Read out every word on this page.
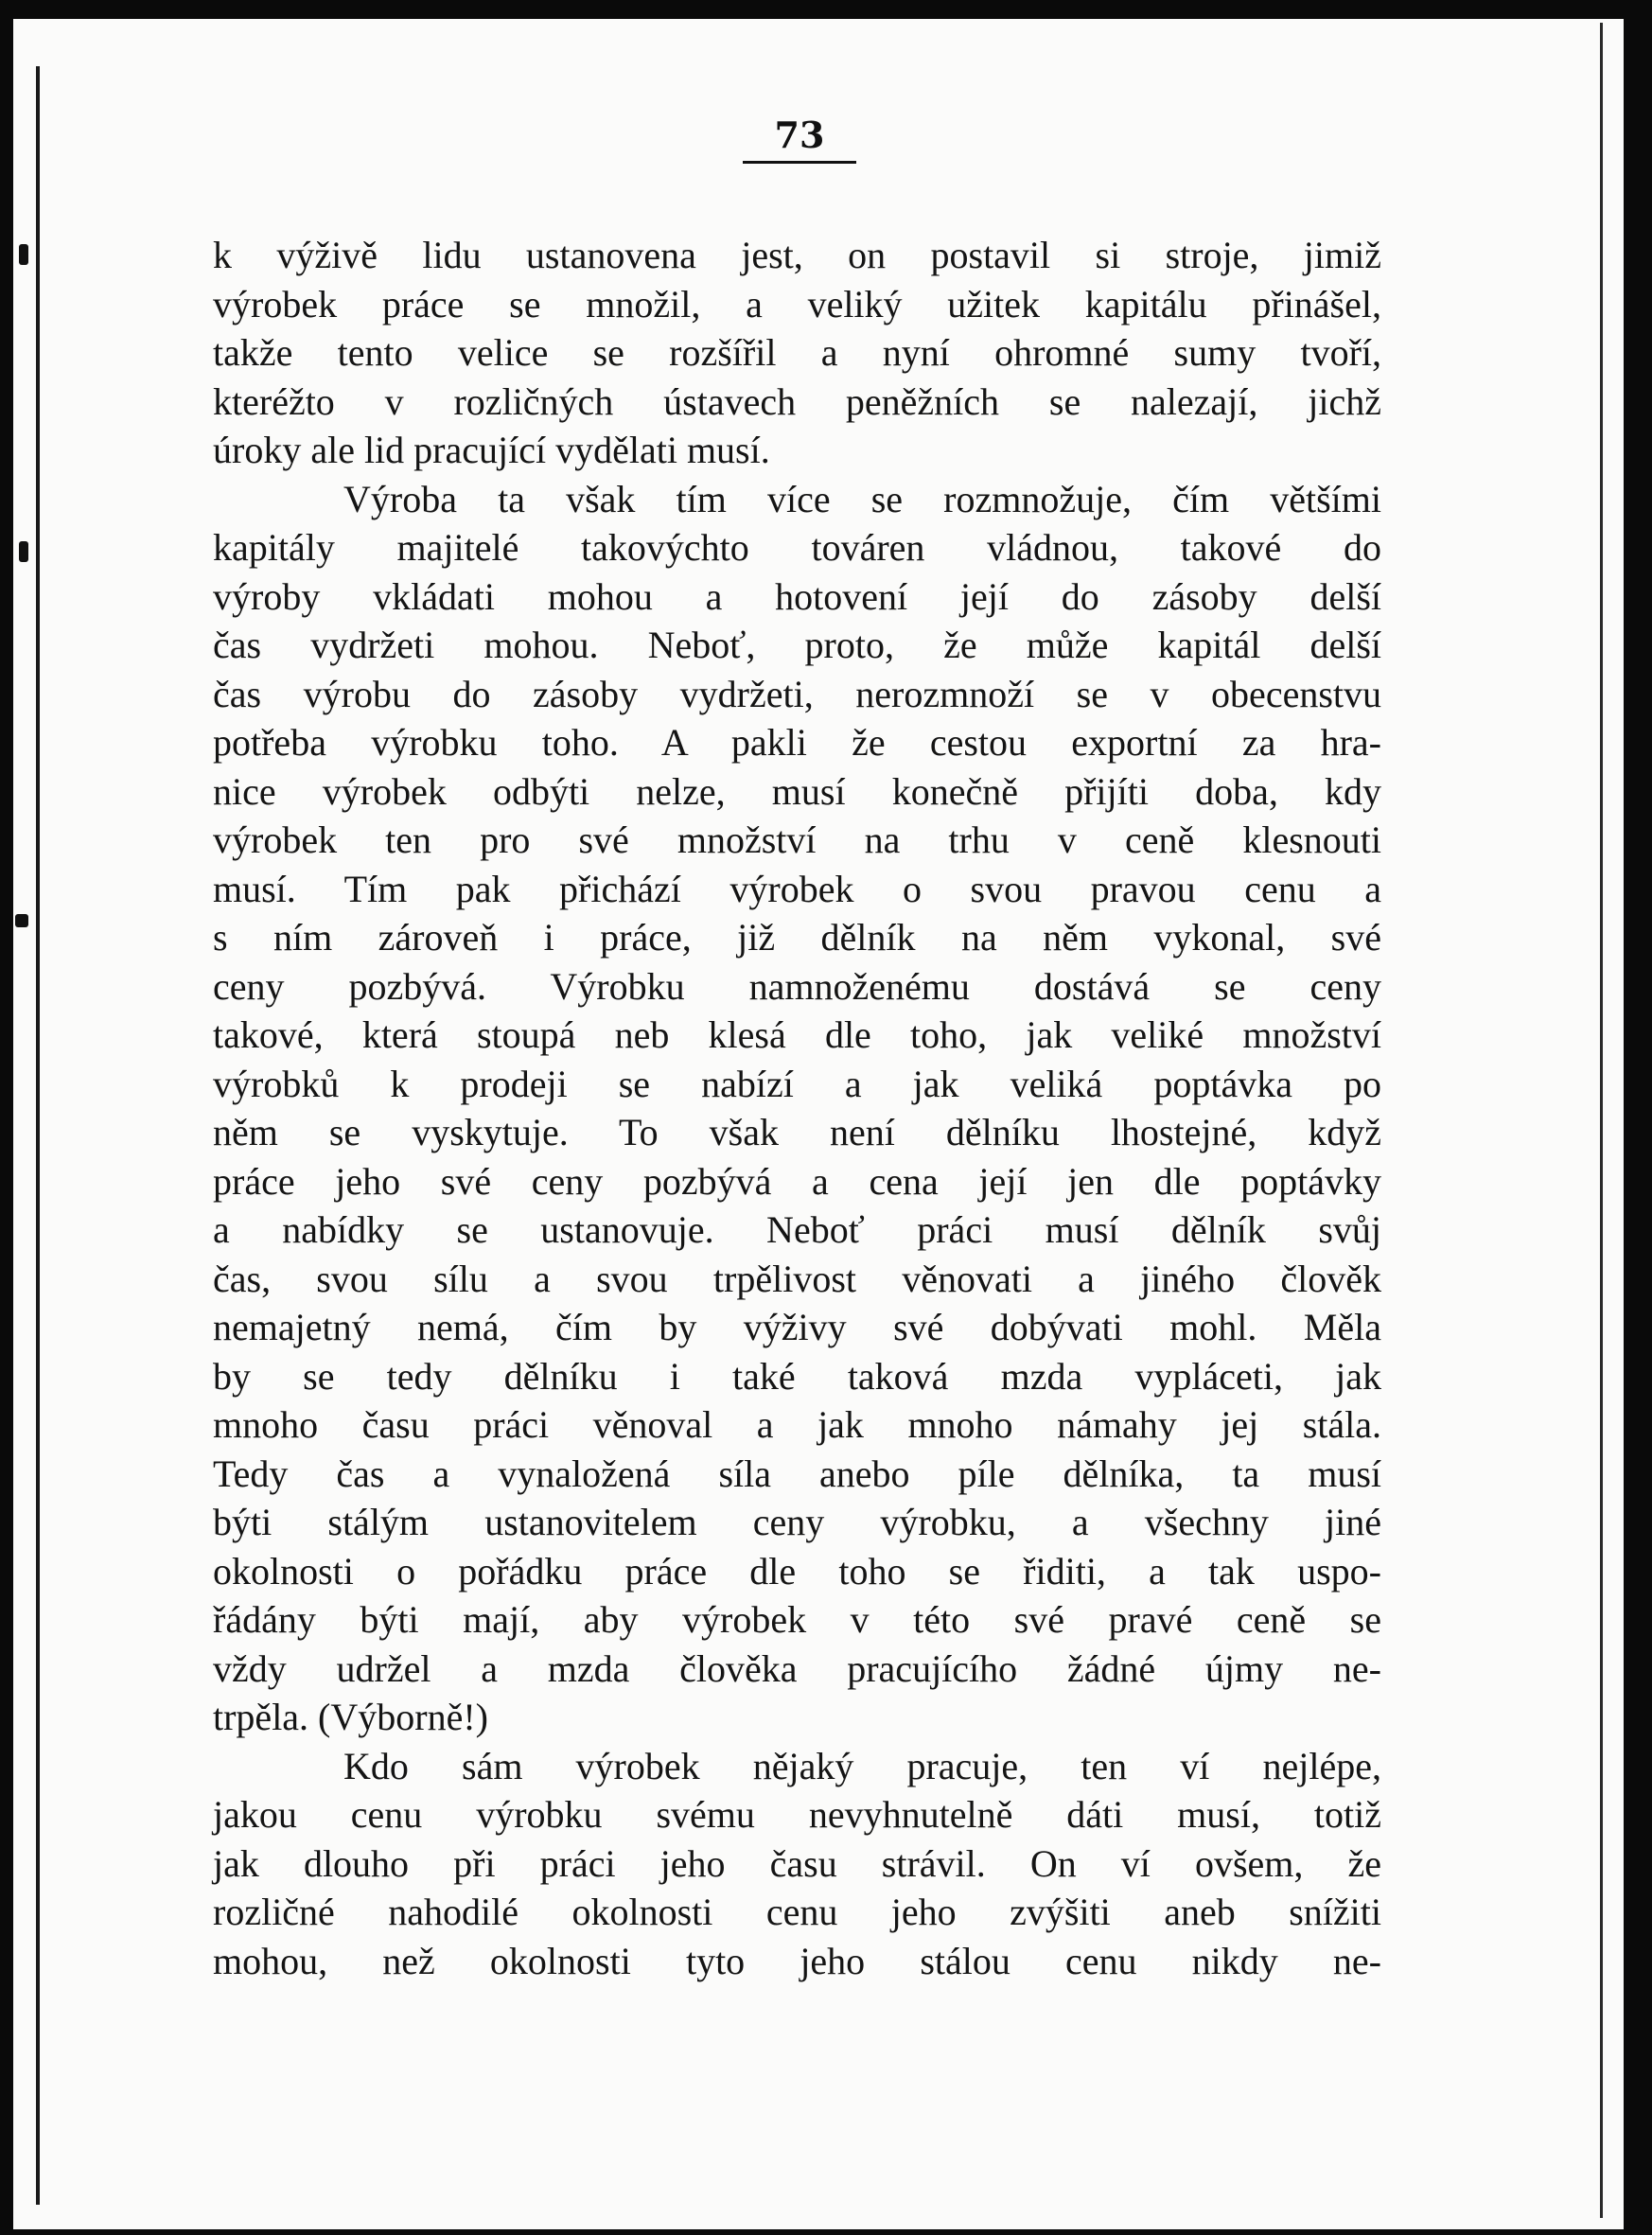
73
k výživě lidu ustanovena jest, on postavil si stroje, jimiž
výrobek práce se množil, a veliký užitek kapitálu přinášel,
takže tento velice se rozšířil a nyní ohromné sumy tvoří,
kteréžto v rozličných ústavech peněžních se nalezají, jichž
úroky ale lid pracující vydělati musí.
Výroba ta však tím více se rozmnožuje, čím většími
kapitály majitelé takovýchto továren vládnou, takové do
výroby vkládati mohou a hotovení její do zásoby delší
čas vydržeti mohou. Neboť, proto, že může kapitál delší
čas výrobu do zásoby vydržeti, nerozmnoží se v obecenstvu
potřeba výrobku toho. A pakli že cestou exportní za hra-
nice výrobek odbýti nelze, musí konečně přijíti doba, kdy
výrobek ten pro své množství na trhu v ceně klesnouti
musí. Tím pak přichází výrobek o svou pravou cenu a
s ním zároveň i práce, již dělník na něm vykonal, své
ceny pozbývá. Výrobku namnoženému dostává se ceny
takové, která stoupá neb klesá dle toho, jak veliké množství
výrobků k prodeji se nabízí a jak veliká poptávka po
něm se vyskytuje. To však není dělníku lhostejné, když
práce jeho své ceny pozbývá a cena její jen dle poptávky
a nabídky se ustanovuje. Neboť práci musí dělník svůj
čas, svou sílu a svou trpělivost věnovati a jiného člověk
nemajetný nemá, čím by výživy své dobývati mohl. Měla
by se tedy dělníku i také taková mzda vypláceti, jak
mnoho času práci věnoval a jak mnoho námahy jej stála.
Tedy čas a vynaložená síla anebo píle dělníka, ta musí
býti stálým ustanovitelem ceny výrobku, a všechny jiné
okolnosti o pořádku práce dle toho se řiditi, a tak uspo-
řádány býti mají, aby výrobek v této své pravé ceně se
vždy udržel a mzda člověka pracujícího žádné újmy ne-
trpěla. (Výborně!)
Kdo sám výrobek nějaký pracuje, ten ví nejlépe,
jakou cenu výrobku svému nevyhnutelně dáti musí, totiž
jak dlouho při práci jeho času strávil. On ví ovšem, že
rozličné nahodilé okolnosti cenu jeho zvýšiti aneb snížiti
mohou, než okolnosti tyto jeho stálou cenu nikdy ne-
